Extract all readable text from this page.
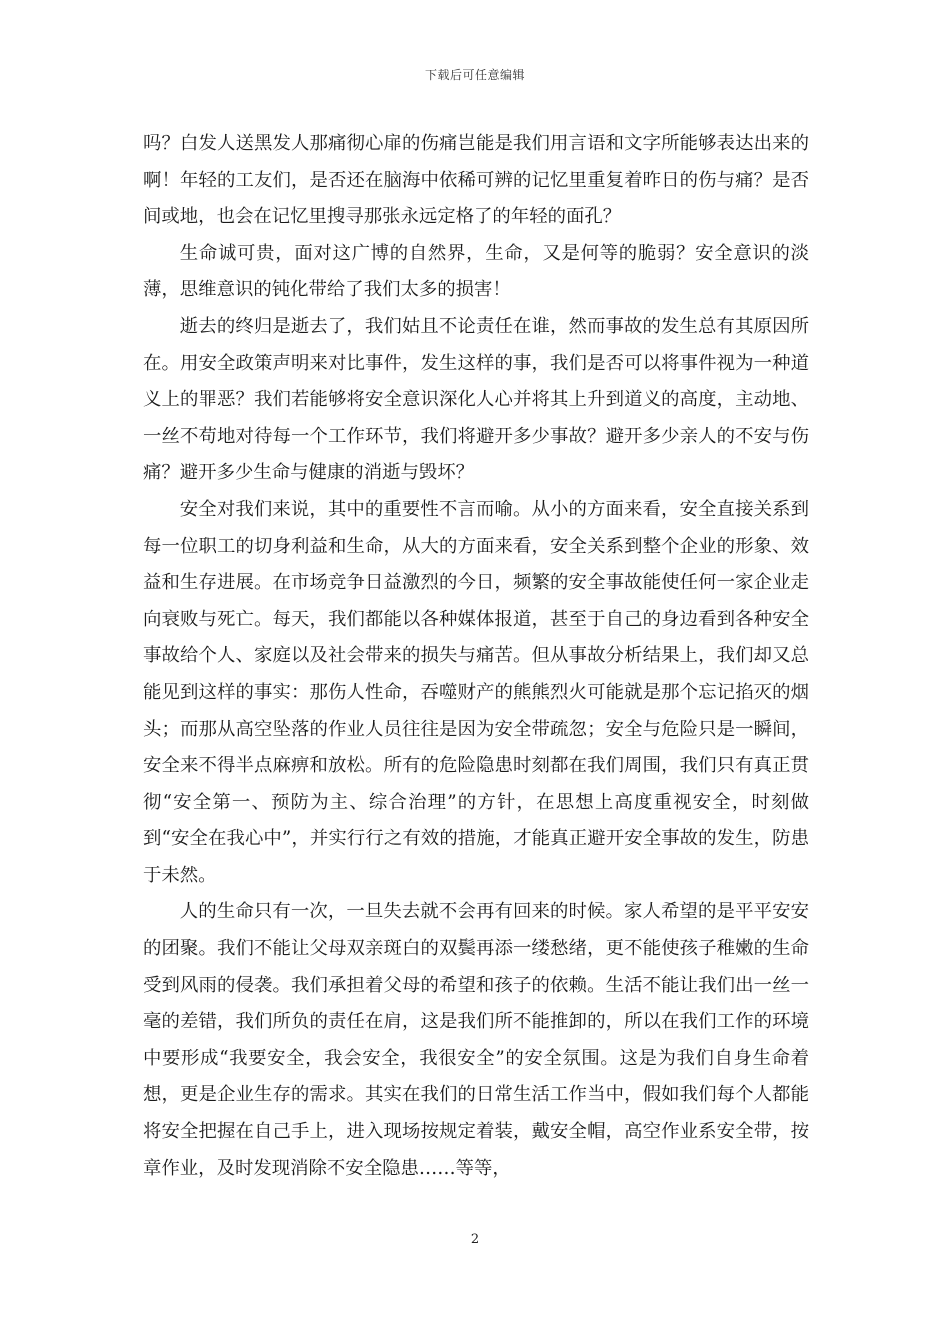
下载后可任意编辑

吗？白发人送黑发人那痛彻心扉的伤痛岂能是我们用言语和文字所能够表达出来的啊！年轻的工友们，是否还在脑海中依稀可辨的记忆里重复着昨日的伤与痛？是否间或地，也会在记忆里搜寻那张永远定格了的年轻的面孔？

生命诚可贵，面对这广博的自然界，生命，又是何等的脆弱？安全意识的淡薄，思维意识的钝化带给了我们太多的损害！

逝去的终归是逝去了，我们姑且不论责任在谁，然而事故的发生总有其原因所在。用安全政策声明来对比事件，发生这样的事，我们是否可以将事件视为一种道义上的罪恶？我们若能够将安全意识深化人心并将其上升到道义的高度，主动地、一丝不苟地对待每一个工作环节，我们将避开多少事故？避开多少亲人的不安与伤痛？避开多少生命与健康的消逝与毁坏？

安全对我们来说，其中的重要性不言而喻。从小的方面来看，安全直接关系到每一位职工的切身利益和生命，从大的方面来看，安全关系到整个企业的形象、效益和生存进展。在市场竞争日益激烈的今日，频繁的安全事故能使任何一家企业走向衰败与死亡。每天，我们都能以各种媒体报道，甚至于自己的身边看到各种安全事故给个人、家庭以及社会带来的损失与痛苦。但从事故分析结果上，我们却又总能见到这样的事实：那伤人性命，吞噬财产的熊熊烈火可能就是那个忘记掐灭的烟头；而那从高空坠落的作业人员往往是因为安全带疏忽；安全与危险只是一瞬间，安全来不得半点麻痹和放松。所有的危险隐患时刻都在我们周围，我们只有真正贯彻“安全第一、预防为主、综合治理”的方针，在思想上高度重视安全，时刻做到“安全在我心中”，并实行行之有效的措施，才能真正避开安全事故的发生，防患于未然。

人的生命只有一次，一旦失去就不会再有回来的时候。家人希望的是平平安安的团聚。我们不能让父母双亲斑白的双鬓再添一缕愁绪，更不能使孩子稚嫩的生命受到风雨的侵袭。我们承担着父母的希望和孩子的依赖。生活不能让我们出一丝一毫的差错，我们所负的责任在肩，这是我们所不能推卸的，所以在我们工作的环境中要形成“我要安全，我会安全，我很安全”的安全氛围。这是为我们自身生命着想，更是企业生存的需求。其实在我们的日常生活工作当中，假如我们每个人都能将安全把握在自己手上，进入现场按规定着装，戴安全帽，高空作业系安全带，按章作业，及时发现消除不安全隐患……等等，

2
